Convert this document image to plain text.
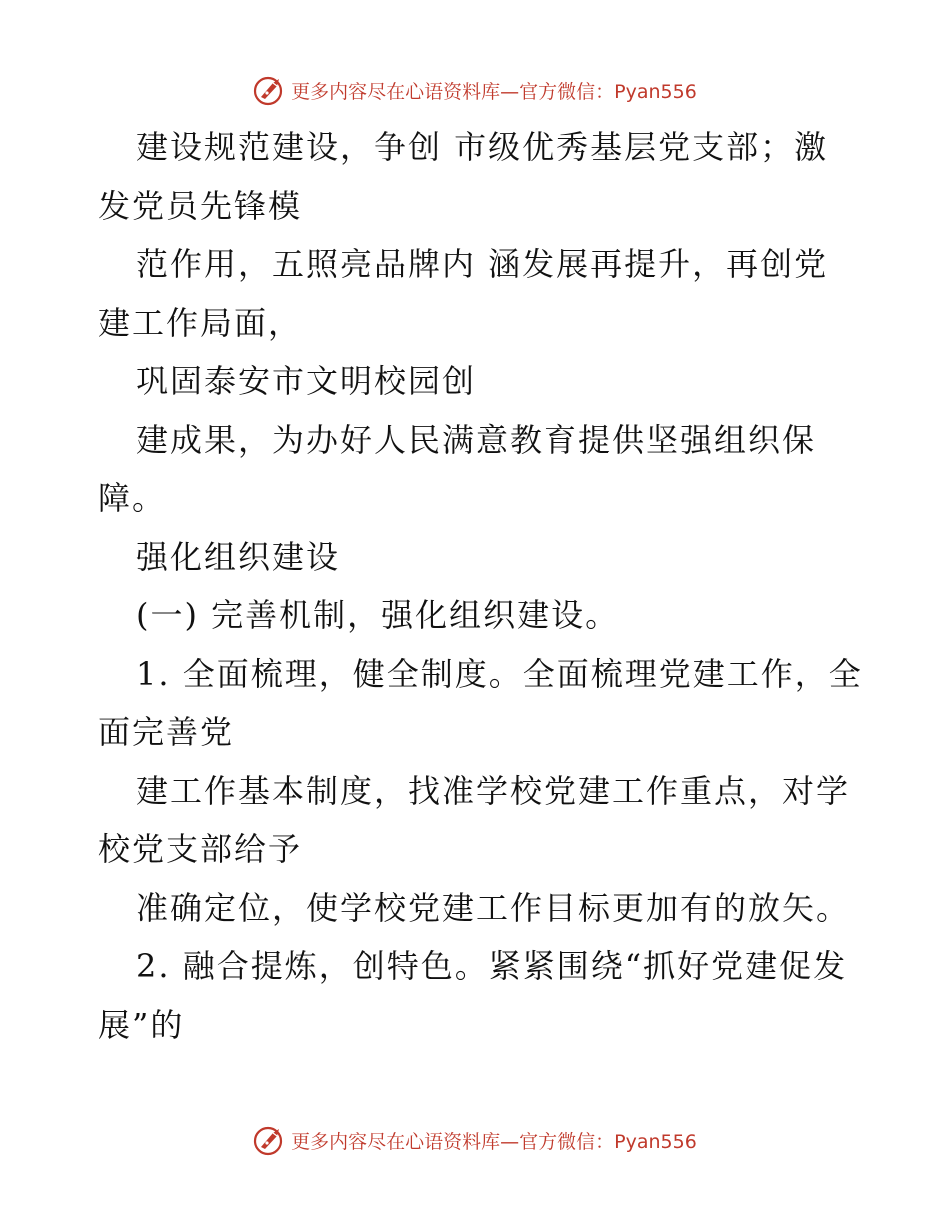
更多内容尽在心语资料库—官方微信：Pyan556
建设规范建设，争创 市级优秀基层党支部；激
发党员先锋模
范作用，五照亮品牌内 涵发展再提升，再创党
建工作局面，
巩固泰安市文明校园创
建成果，为办好人民满意教育提供坚强组织保
障。
强化组织建设
(一) 完善机制，强化组织建设。
1. 全面梳理，健全制度。全面梳理党建工作，全
面完善党
建工作基本制度，找准学校党建工作重点，对学
校党支部给予
准确定位，使学校党建工作目标更加有的放矢。
2. 融合提炼，创特色。紧紧围绕“抓好党建促发
展”的
更多内容尽在心语资料库—官方微信：Pyan556
